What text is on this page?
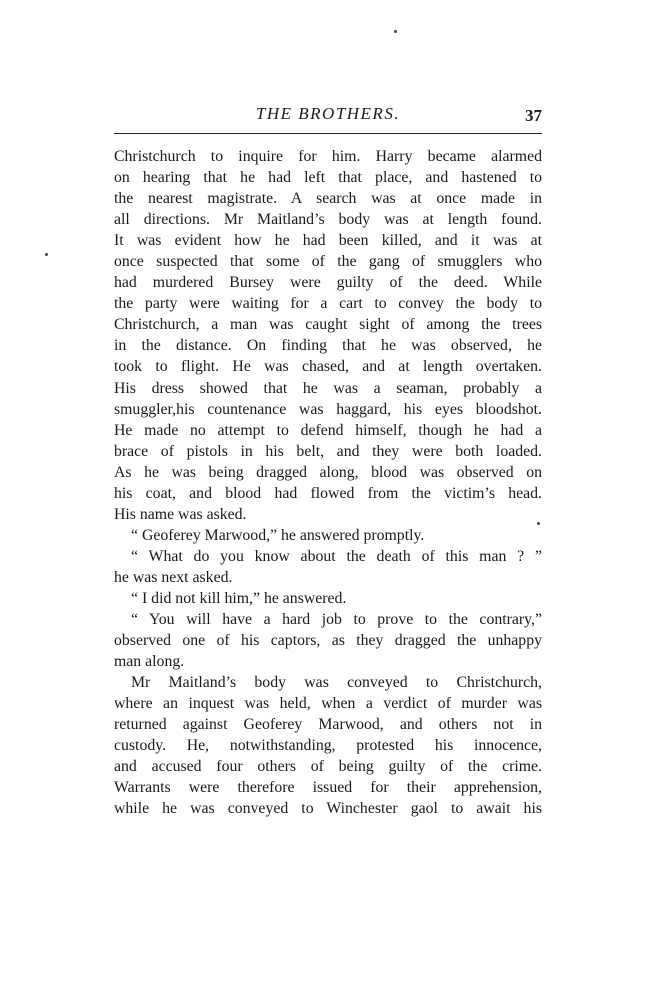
THE BROTHERS.	37
Christchurch to inquire for him. Harry became alarmed
on hearing that he had left that place, and hastened to
the nearest magistrate. A search was at once made in
all directions. Mr Maitland’s body was at length found.
It was evident how he had been killed, and it was at
once suspected that some of the gang of smugglers who
had murdered Bursey were guilty of the deed. While
the party were waiting for a cart to convey the body to
Christchurch, a man was caught sight of among the trees
in the distance. On finding that he was observed, he
took to flight. He was chased, and at length overtaken.
His dress showed that he was a seaman, probably a
smuggler,his countenance was haggard, his eyes bloodshot.
He made no attempt to defend himself, though he had a
brace of pistols in his belt, and they were both loaded.
As he was being dragged along, blood was observed on
his coat, and blood had flowed from the victim’s head.
His name was asked.
“ Geoferey Marwood,” he answered promptly.
“ What do you know about the death of this man ? ”
he was next asked.
“ I did not kill him,” he answered.
“ You will have a hard job to prove to the contrary,”
observed one of his captors, as they dragged the unhappy
man along.
Mr Maitland’s body was conveyed to Christchurch,
where an inquest was held, when a verdict of murder was
returned against Geoferey Marwood, and others not in
custody. He, notwithstanding, protested his innocence,
and accused four others of being guilty of the crime.
Warrants were therefore issued for their apprehension,
while he was conveyed to Winchester gaol to await his
